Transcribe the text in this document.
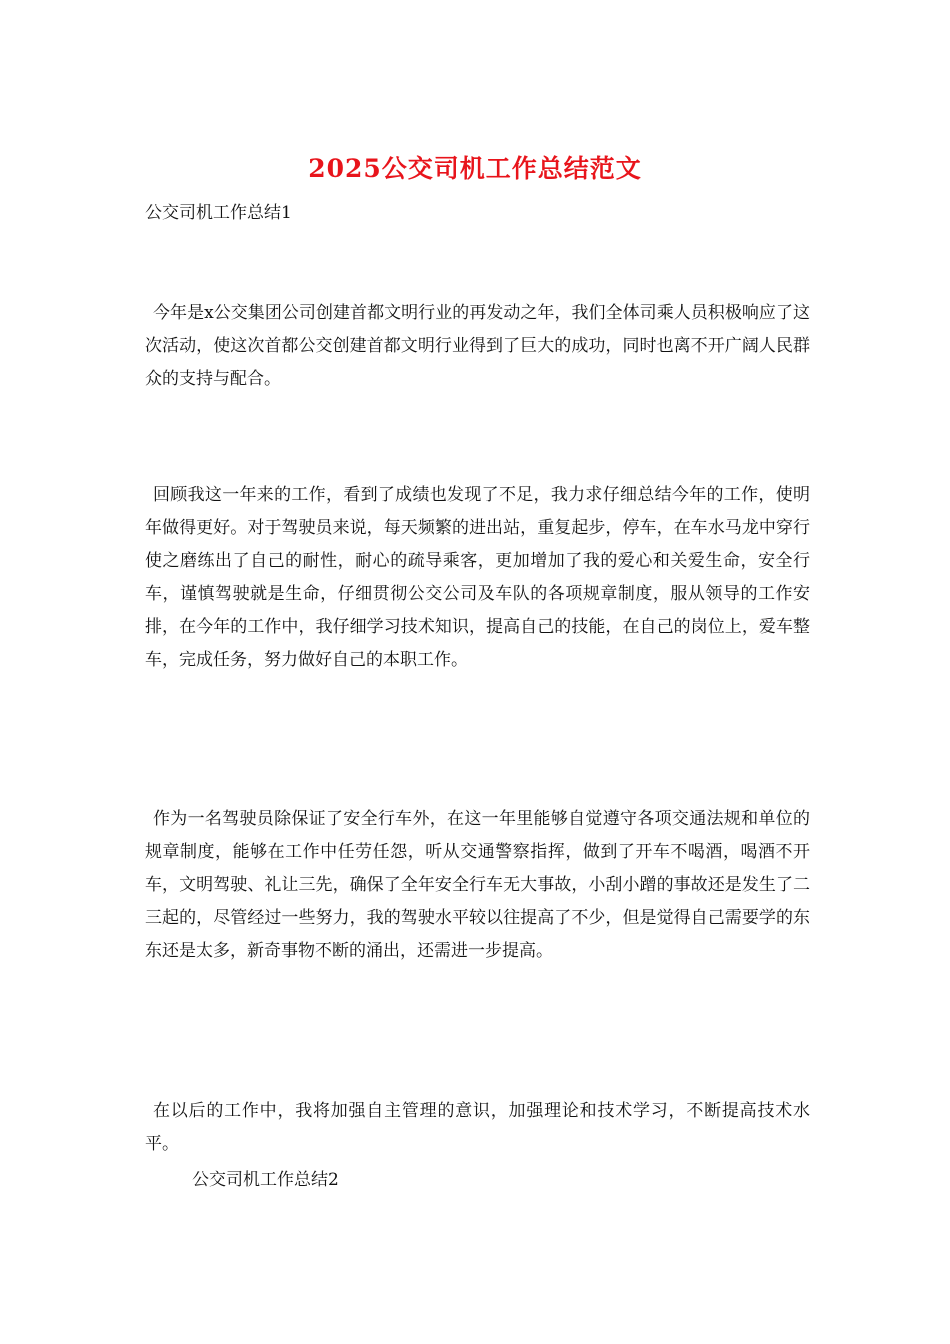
2025公交司机工作总结范文
公交司机工作总结1

今年是x公交集团公司创建首都文明行业的再发动之年，我们全体司乘人员积极响应了这次活动，使这次首都公交创建首都文明行业得到了巨大的成功，同时也离不开广阔人民群众的支持与配合。

回顾我这一年来的工作，看到了成绩也发现了不足，我力求仔细总结今年的工作，使明年做得更好。对于驾驶员来说，每天频繁的进出站，重复起步，停车，在车水马龙中穿行使之磨练出了自己的耐性，耐心的疏导乘客，更加增加了我的爱心和关爱生命，安全行车，谨慎驾驶就是生命，仔细贯彻公交公司及车队的各项规章制度，服从领导的工作安排，在今年的工作中，我仔细学习技术知识，提高自己的技能，在自己的岗位上，爱车整车，完成任务，努力做好自己的本职工作。

作为一名驾驶员除保证了安全行车外，在这一年里能够自觉遵守各项交通法规和单位的规章制度，能够在工作中任劳任怨，听从交通警察指挥，做到了开车不喝酒，喝酒不开车，文明驾驶、礼让三先，确保了全年安全行车无大事故，小刮小蹭的事故还是发生了二三起的，尽管经过一些努力，我的驾驶水平较以往提高了不少，但是觉得自己需要学的东东还是太多，新奇事物不断的涌出，还需进一步提高。

在以后的工作中，我将加强自主管理的意识，加强理论和技术学习，不断提高技术水平。

公交司机工作总结2
